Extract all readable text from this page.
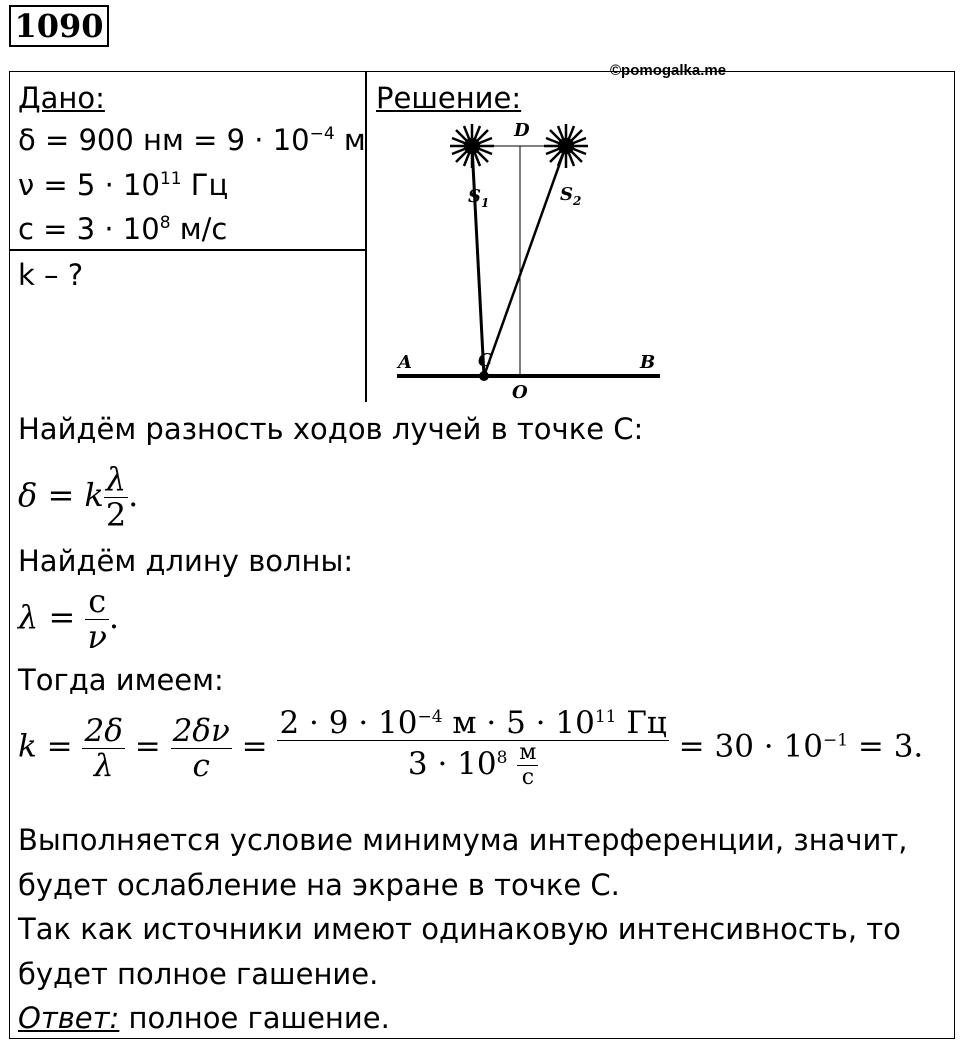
1090
©pomogalka.me
Дано:
δ = 900 нм = $9 \cdot 10^{-4}$ м
$\nu = 5 \cdot 10^{11}$ Гц
$с = 3 \cdot 10^8$ м/с
k – ?
Решение:
D
$S_1$	$S_2$
A	B
C
O
Найдём разность ходов лучей в точке С:
δ = k $\frac{\lambda}{2}$ .
Найдём длину волны:
$\lambda = \frac{с}{\nu}$ .
Тогда имеем:
$k = \frac{2\delta}{\lambda} = \frac{2\delta\nu}{c} = \frac{2 \cdot 9 \cdot 10^{-4} м \cdot 5 \cdot 10^{11} Гц}{3 \cdot 10^8 \frac{м}{с}} = 30 \cdot 10^{-1} = 3$.
Выполняется условие минимума интерференции, значит,
будет ослабление на экране в точке С.
Так как источники имеют одинаковую интенсивность, то
будет полное гашение.
Ответ: полное гашение.
